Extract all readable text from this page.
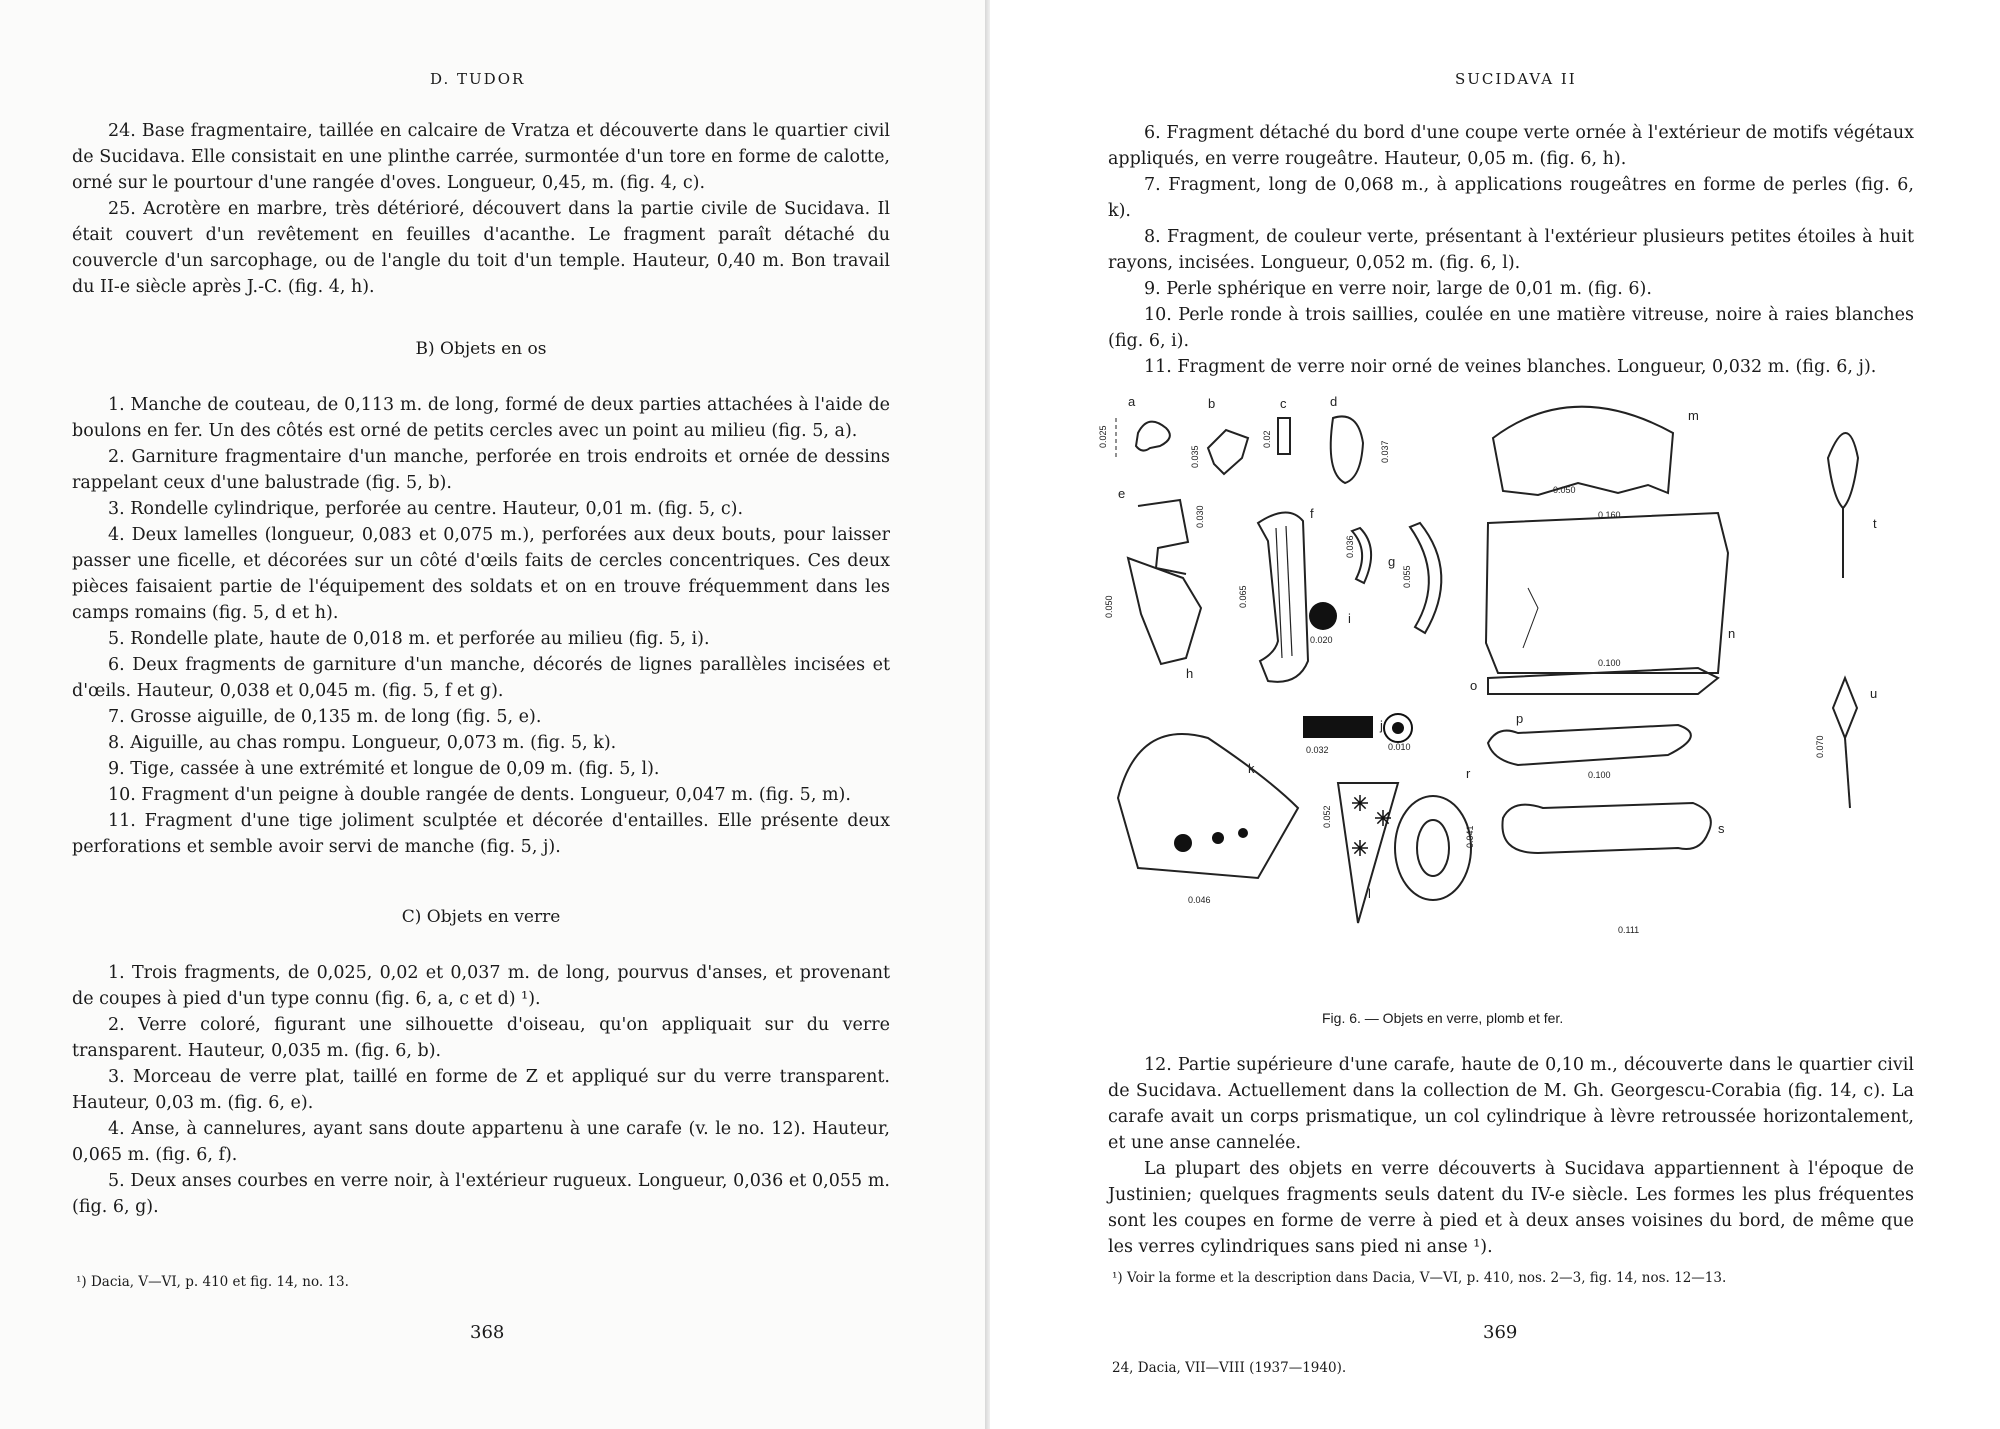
D. TUDOR

24. Base fragmentaire, taillée en calcaire de Vratza et découverte dans le quartier civil de Sucidava. Elle consistait en une plinthe carrée, surmontée d'un tore en forme de calotte, orné sur le pourtour d'une rangée d'oves. Longueur, 0,45, m. (fig. 4, c).

25. Acrotère en marbre, très détérioré, découvert dans la partie civile de Sucidava. Il était couvert d'un revêtement en feuilles d'acanthe. Le fragment paraît détaché du couvercle d'un sarcophage, ou de l'angle du toit d'un temple. Hauteur, 0,40 m. Bon travail du II-e siècle après J.-C. (fig. 4, h).

B) Objets en os

1. Manche de couteau, de 0,113 m. de long, formé de deux parties attachées à l'aide de boulons en fer. Un des côtés est orné de petits cercles avec un point au milieu (fig. 5, a).

2. Garniture fragmentaire d'un manche, perforée en trois endroits et ornée de dessins rappelant ceux d'une balustrade (fig. 5, b).

3. Rondelle cylindrique, perforée au centre. Hauteur, 0,01 m. (fig. 5, c).

4. Deux lamelles (longueur, 0,083 et 0,075 m.), perforées aux deux bouts, pour laisser passer une ficelle, et décorées sur un côté d'œils faits de cercles concentriques. Ces deux pièces faisaient partie de l'équipement des soldats et on en trouve fréquemment dans les camps romains (fig. 5, d et h).

5. Rondelle plate, haute de 0,018 m. et perforée au milieu (fig. 5, i).

6. Deux fragments de garniture d'un manche, décorés de lignes parallèles incisées et d'œils. Hauteur, 0,038 et 0,045 m. (fig. 5, f et g).

7. Grosse aiguille, de 0,135 m. de long (fig. 5, e).

8. Aiguille, au chas rompu. Longueur, 0,073 m. (fig. 5, k).

9. Tige, cassée à une extrémité et longue de 0,09 m. (fig. 5, l).

10. Fragment d'un peigne à double rangée de dents. Longueur, 0,047 m. (fig. 5, m).

11. Fragment d'une tige joliment sculptée et décorée d'entailles. Elle présente deux perforations et semble avoir servi de manche (fig. 5, j).

C) Objets en verre

1. Trois fragments, de 0,025, 0,02 et 0,037 m. de long, pourvus d'anses, et provenant de coupes à pied d'un type connu (fig. 6, a, c et d) ¹).

2. Verre coloré, figurant une silhouette d'oiseau, qu'on appliquait sur du verre transparent. Hauteur, 0,035 m. (fig. 6, b).

3. Morceau de verre plat, taillé en forme de Z et appliqué sur du verre transparent. Hauteur, 0,03 m. (fig. 6, e).

4. Anse, à cannelures, ayant sans doute appartenu à une carafe (v. le no. 12). Hauteur, 0,065 m. (fig. 6, f).

5. Deux anses courbes en verre noir, à l'extérieur rugueux. Longueur, 0,036 et 0,055 m. (fig. 6, g).

¹) Dacia, V—VI, p. 410 et fig. 14, no. 13.
368
SUCIDAVA II

6. Fragment détaché du bord d'une coupe verte ornée à l'extérieur de motifs végétaux appliqués, en verre rougeâtre. Hauteur, 0,05 m. (fig. 6, h).

7. Fragment, long de 0,068 m., à applications rougeâtres en forme de perles (fig. 6, k).

8. Fragment, de couleur verte, présentant à l'extérieur plusieurs petites étoiles à huit rayons, incisées. Longueur, 0,052 m. (fig. 6, l).

9. Perle sphérique en verre noir, large de 0,01 m. (fig. 6).

10. Perle ronde à trois saillies, coulée en une matière vitreuse, noire à raies blanches (fig. 6, i).

11. Fragment de verre noir orné de veines blanches. Longueur, 0,032 m. (fig. 6, j).

a	b	c	d
e
f
g
h
i
j
k
l
m
n
o
p
r
s
t
u
0.025
0.035
0.02
0.037
0.030
0.065
0.036
0.055
0.050
0.020
0.032	0.010
0.046
0.052
0.041
0.050
0.160
0.100
0.100
0.111
0.070
Fig. 6. — Objets en verre, plomb et fer.

12. Partie supérieure d'une carafe, haute de 0,10 m., découverte dans le quartier civil de Sucidava. Actuellement dans la collection de M. Gh. Georgescu-Corabia (fig. 14, c). La carafe avait un corps prismatique, un col cylindrique à lèvre retroussée horizontalement, et une anse cannelée.

La plupart des objets en verre découverts à Sucidava appartiennent à l'époque de Justinien; quelques fragments seuls datent du IV-e siècle. Les formes les plus fréquentes sont les coupes en forme de verre à pied et à deux anses voisines du bord, de même que les verres cylindriques sans pied ni anse ¹).

¹) Voir la forme et la description dans Dacia, V—VI, p. 410, nos. 2—3, fig. 14, nos. 12—13.
369
24, Dacia, VII—VIII (1937—1940).
